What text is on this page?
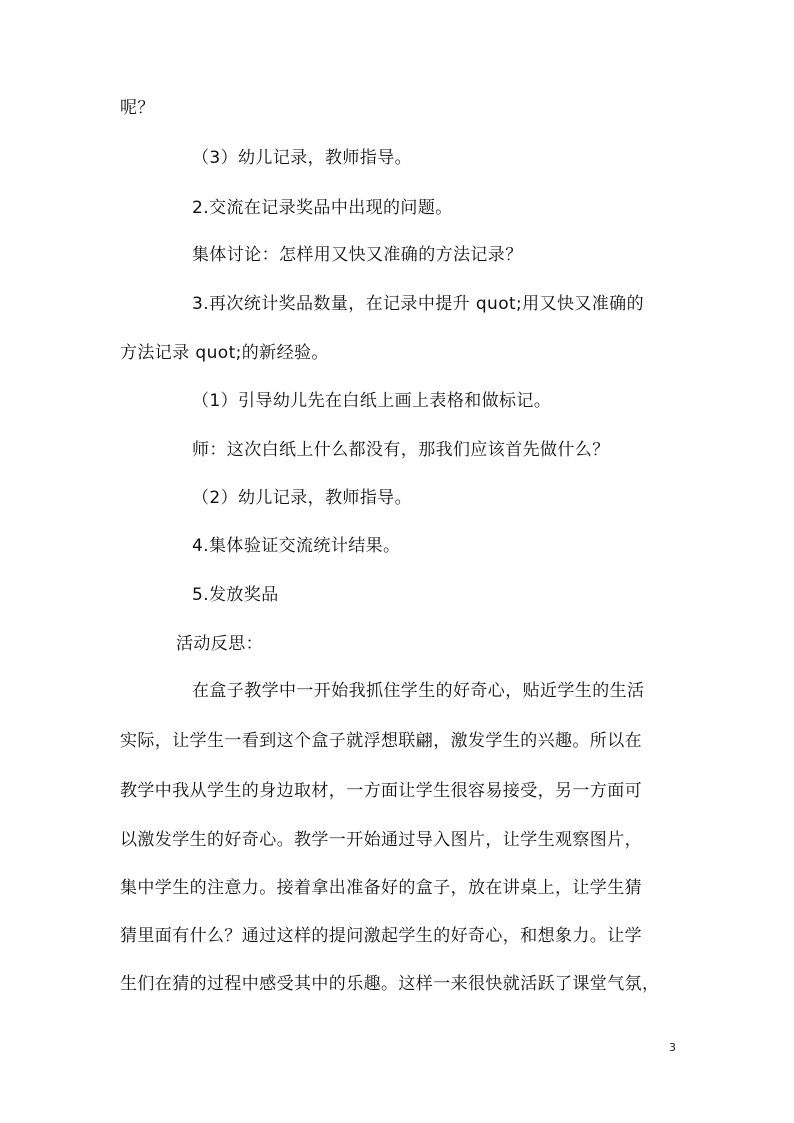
呢？
（3）幼儿记录，教师指导。
2.交流在记录奖品中出现的问题。
集体讨论：怎样用又快又准确的方法记录？
3.再次统计奖品数量，在记录中提升 quot;用又快又准确的
方法记录 quot;的新经验。
（1）引导幼儿先在白纸上画上表格和做标记。
师：这次白纸上什么都没有，那我们应该首先做什么？
（2）幼儿记录，教师指导。
4.集体验证交流统计结果。
5.发放奖品
活动反思：
在盒子教学中一开始我抓住学生的好奇心，贴近学生的生活
实际，让学生一看到这个盒子就浮想联翩，激发学生的兴趣。所以在
教学中我从学生的身边取材，一方面让学生很容易接受，另一方面可
以激发学生的好奇心。教学一开始通过导入图片，让学生观察图片，
集中学生的注意力。接着拿出准备好的盒子，放在讲桌上，让学生猜
猜里面有什么？通过这样的提问激起学生的好奇心，和想象力。让学
生们在猜的过程中感受其中的乐趣。这样一来很快就活跃了课堂气氛，
3
